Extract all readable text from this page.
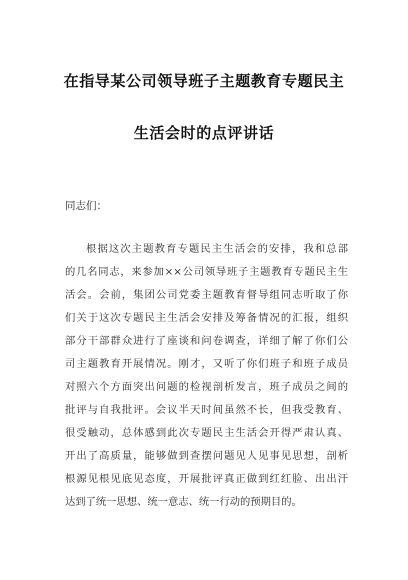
在指导某公司领导班子主题教育专题民主
生活会时的点评讲话
同志们：
根据这次主题教育专题民主生活会的安排，我和总部
的几名同志，来参加××公司领导班子主题教育专题民主生
活会。会前，集团公司党委主题教育督导组同志听取了你
们关于这次专题民主生活会安排及筹备情况的汇报，组织
部分干部群众进行了座谈和问卷调查，详细了解了你们公
司主题教育开展情况。刚才，又听了你们班子和班子成员
对照六个方面突出问题的检视剖析发言，班子成员之间的
批评与自我批评。会议半天时间虽然不长，但我受教育、
很受触动，总体感到此次专题民主生活会开得严肃认真、
开出了高质量，能够做到查摆问题见人见事见思想，剖析
根源见根见底见态度，开展批评真正做到红红脸、出出汗
达到了统一思想、统一意志、统一行动的预期目的。
